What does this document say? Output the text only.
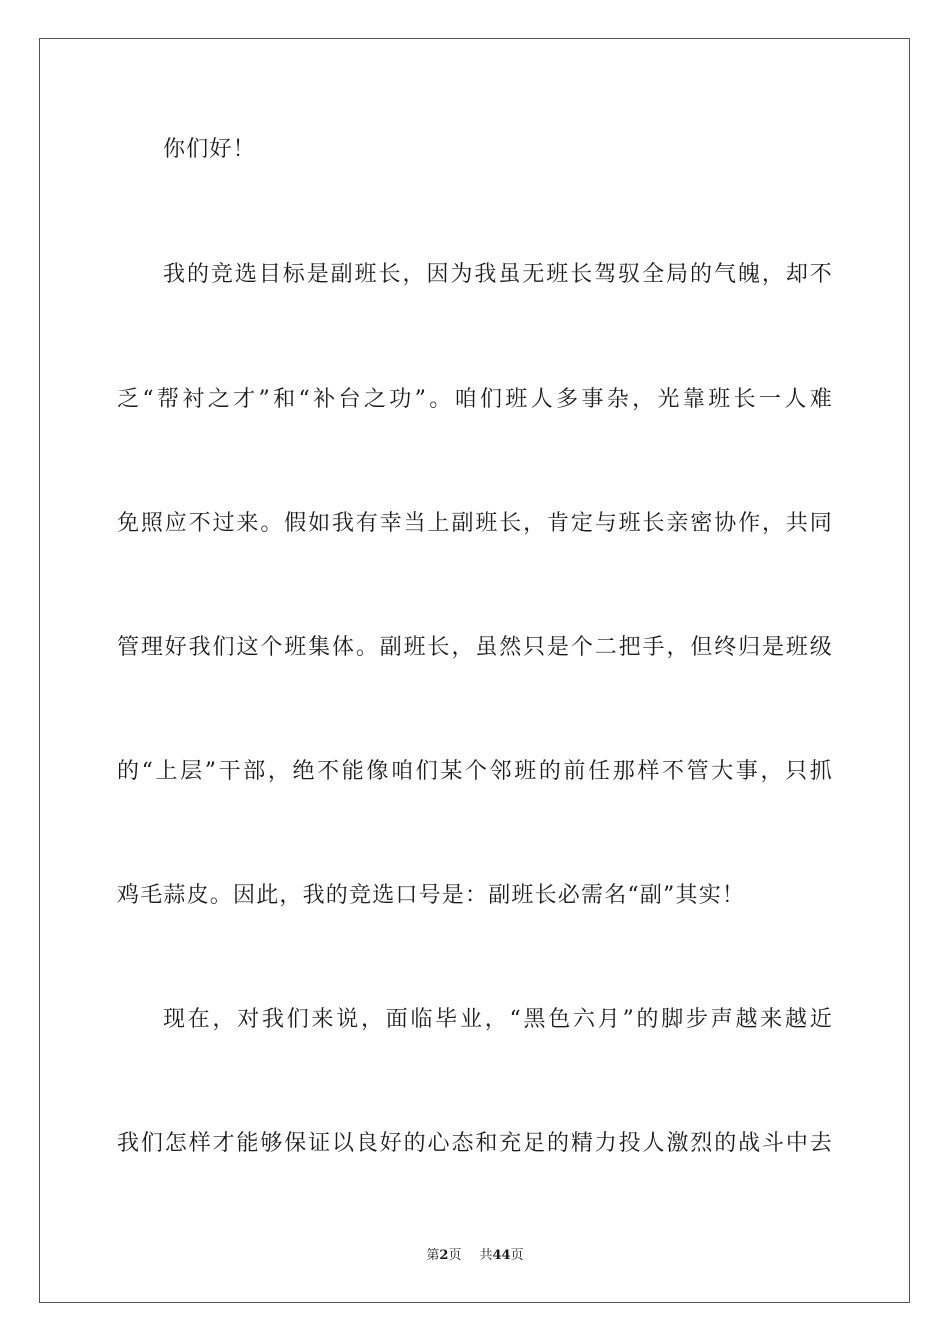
你们好！
我的竞选目标是副班长，因为我虽无班长驾驭全局的气魄，却不
乏“帮衬之才”和“补台之功”。咱们班人多事杂，光靠班长一人难
免照应不过来。假如我有幸当上副班长，肯定与班长亲密协作，共同
管理好我们这个班集体。副班长，虽然只是个二把手，但终归是班级
的“上层”干部，绝不能像咱们某个邻班的前任那样不管大事，只抓
鸡毛蒜皮。因此，我的竞选口号是：副班长必需名“副”其实！
现在，对我们来说，面临毕业，“黑色六月”的脚步声越来越近
我们怎样才能够保证以良好的心态和充足的精力投人激烈的战斗中去
第2页 共44页
